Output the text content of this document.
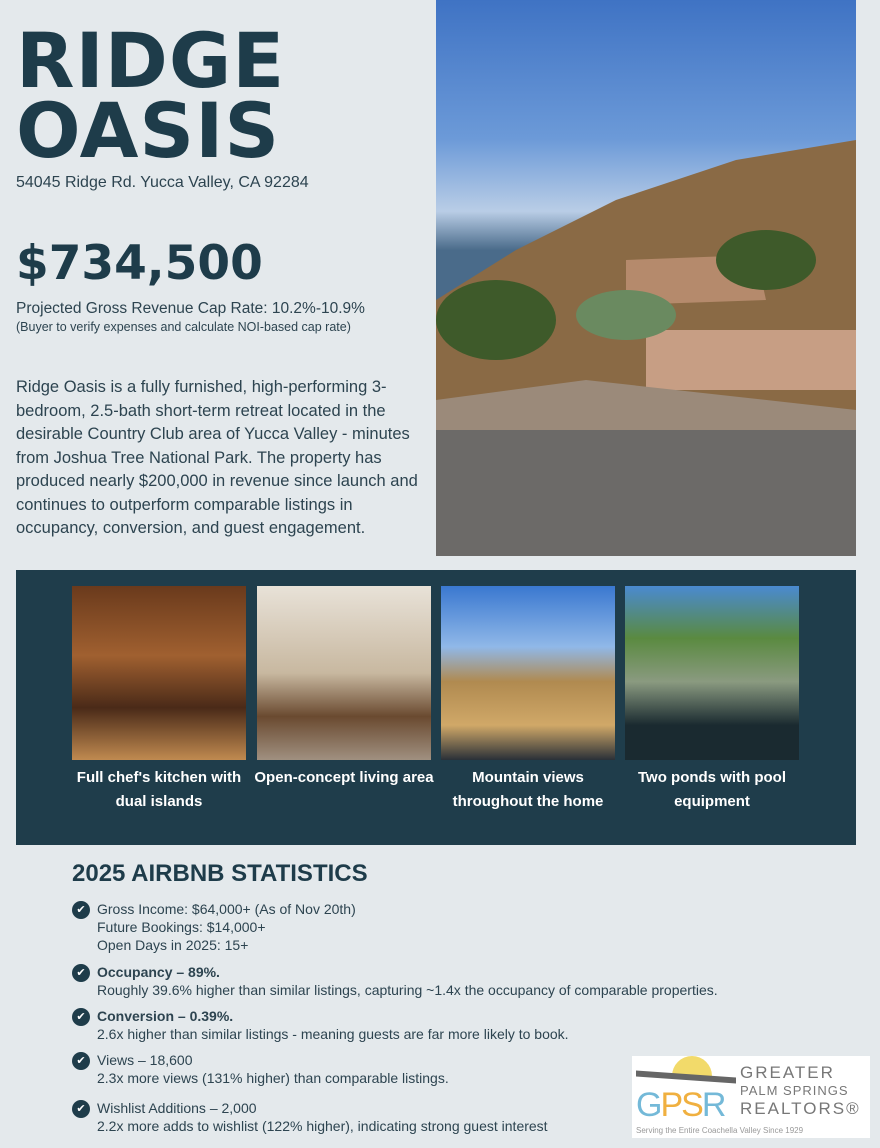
RIDGE
OASIS
54045 Ridge Rd. Yucca Valley, CA 92284
$734,500
Projected Gross Revenue Cap Rate: 10.2%-10.9%
(Buyer to verify expenses and calculate NOI-based cap rate)
Ridge Oasis is a fully furnished, high-performing 3-bedroom, 2.5-bath short-term retreat located in the desirable Country Club area of Yucca Valley - minutes from Joshua Tree National Park. The property has produced nearly $200,000 in revenue since launch and continues to outperform comparable listings in occupancy, conversion, and guest engagement.
Full chef's kitchen with dual islands
Open-concept living area	Mountain views throughout the home
Two ponds with pool equipment
2025 AIRBNB STATISTICS
✔ Gross Income: $64,000+ (As of Nov 20th)
Future Bookings: $14,000+
Open Days in 2025: 15+
✔ Occupancy – 89%.
Roughly 39.6% higher than similar listings, capturing ~1.4x the occupancy of comparable properties.
✔ Conversion – 0.39%.
2.6x higher than similar listings - meaning guests are far more likely to book.
✔ Views – 18,600
2.3x more views (131% higher) than comparable listings.
✔ Wishlist Additions – 2,000
2.2x more adds to wishlist (122% higher), indicating strong guest interest
GPSR
GREATER
PALM SPRINGS
REALTORS®
Serving the Entire Coachella Valley Since 1929
